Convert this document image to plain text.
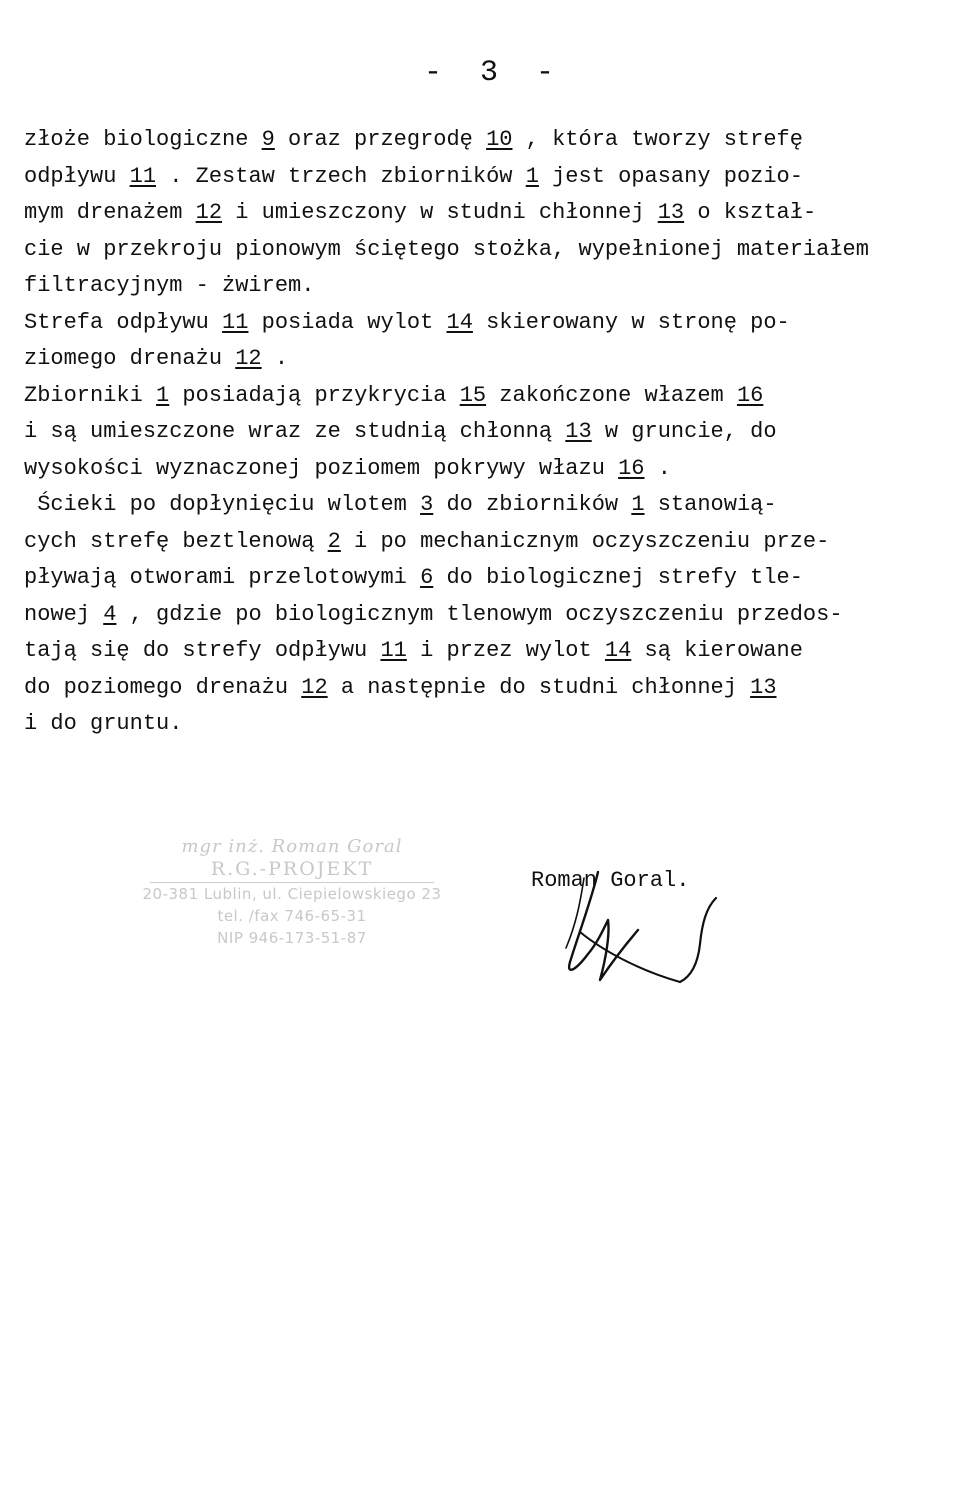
- 3 -
złoże biologiczne 9 oraz przegrodę 10 , która tworzy strefę
odpływu 11 . Zestaw trzech zbiorników 1 jest opasany pozio-
mym drenażem 12 i umieszczony w studni chłonnej 13 o kształ-
cie w przekroju pionowym ściętego stożka, wypełnionej materiałem
filtracyjnym - żwirem.
Strefa odpływu 11 posiada wylot 14 skierowany w stronę po-
ziomego drenażu 12 .
Zbiorniki 1 posiadają przykrycia 15 zakończone włazem 16
i są umieszczone wraz ze studnią chłonną 13 w gruncie, do
wysokości wyznaczonej poziomem pokrywy włazu 16 .
Ścieki po dopłynięciu wlotem 3 do zbiorników 1 stanowią-
cych strefę beztlenową 2 i po mechanicznym oczyszczeniu prze-
pływają otworami przelotowymi 6 do biologicznej strefy tle-
nowej 4 , gdzie po biologicznym tlenowym oczyszczeniu przedos-
tają się do strefy odpływu 11 i przez wylot 14 są kierowane
do poziomego drenażu 12 a następnie do studni chłonnej 13
i do gruntu.
mgr inż. Roman Goral
R.G.-PROJEKT
20-381 Lublin, ul. Ciepielowskiego 23
tel. /fax 746-65-31
NIP 946-173-51-87
Roman Goral.
